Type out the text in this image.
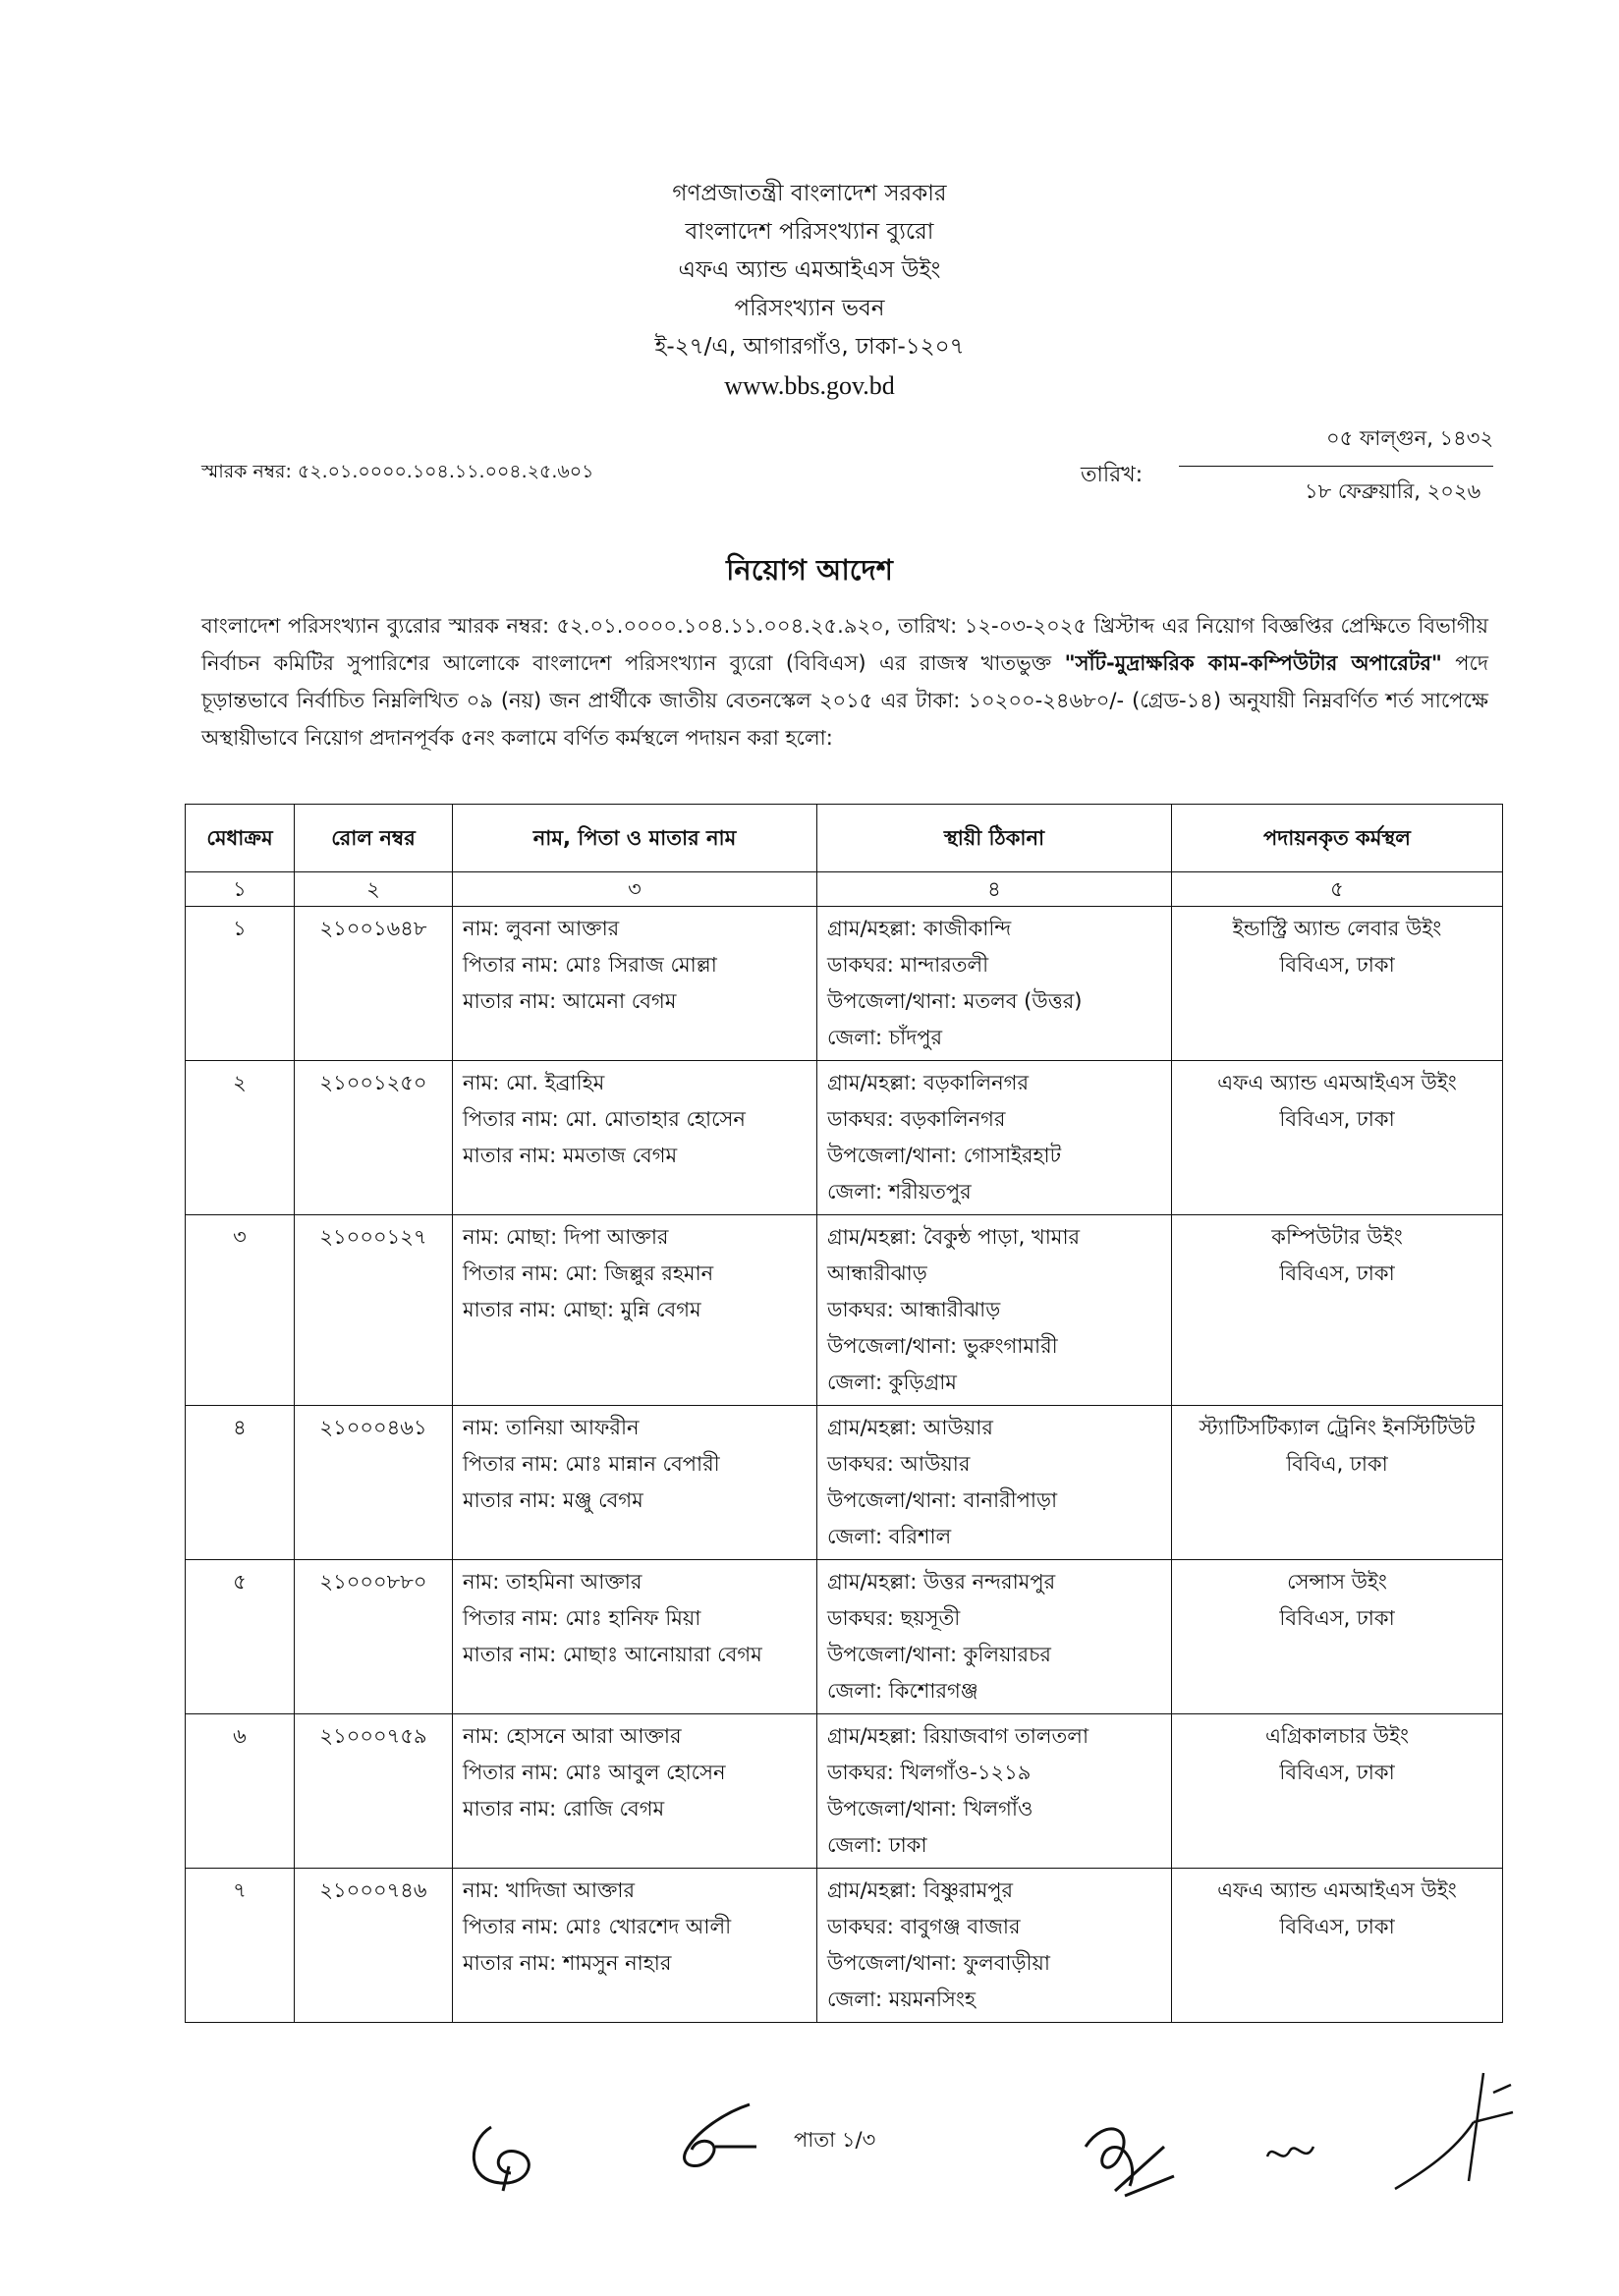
গণপ্রজাতন্ত্রী বাংলাদেশ সরকার
বাংলাদেশ পরিসংখ্যান ব্যুরো
এফএ অ্যান্ড এমআইএস উইং
পরিসংখ্যান ভবন
ই-২৭/এ, আগারগাঁও, ঢাকা-১২০৭
www.bbs.gov.bd
স্মারক নম্বর: ৫২.০১.০০০০.১০৪.১১.০০৪.২৫.৬০১
০৫ ফাল্গুন, ১৪৩২
তারিখ:
১৮ ফেব্রুয়ারি, ২০২৬
নিয়োগ আদেশ
বাংলাদেশ পরিসংখ্যান ব্যুরোর স্মারক নম্বর: ৫২.০১.০০০০.১০৪.১১.০০৪.২৫.৯২০, তারিখ: ১২-০৩-২০২৫ খ্রিস্টাব্দ এর নিয়োগ বিজ্ঞপ্তির প্রেক্ষিতে বিভাগীয় নির্বাচন কমিটির সুপারিশের আলোকে বাংলাদেশ পরিসংখ্যান ব্যুরো (বিবিএস) এর রাজস্ব খাতভুক্ত "সাঁট-মুদ্রাক্ষরিক কাম-কম্পিউটার অপারেটর" পদে চূড়ান্তভাবে নির্বাচিত নিম্নলিখিত ০৯ (নয়) জন প্রার্থীকে জাতীয় বেতনস্কেল ২০১৫ এর টাকা: ১০২০০-২৪৬৮০/- (গ্রেড-১৪) অনুযায়ী নিম্নবর্ণিত শর্ত সাপেক্ষে অস্থায়ীভাবে নিয়োগ প্রদানপূর্বক ৫নং কলামে বর্ণিত কর্মস্থলে পদায়ন করা হলো:
মেধাক্রম	রোল নম্বর	নাম, পিতা ও মাতার নাম	স্থায়ী ঠিকানা	পদায়নকৃত কর্মস্থল
১	২	৩	৪	৫
১	২১০০১৬৪৮	নাম: লুবনা আক্তার
পিতার নাম: মোঃ সিরাজ মোল্লা
মাতার নাম: আমেনা বেগম	গ্রাম/মহল্লা: কাজীকান্দি
ডাকঘর: মান্দারতলী
উপজেলা/থানা: মতলব (উত্তর)
জেলা: চাঁদপুর	ইন্ডাস্ট্রি অ্যান্ড লেবার উইং
বিবিএস, ঢাকা

২	২১০০১২৫০	নাম: মো. ইব্রাহিম
পিতার নাম: মো. মোতাহার হোসেন
মাতার নাম: মমতাজ বেগম	গ্রাম/মহল্লা: বড়কালিনগর
ডাকঘর: বড়কালিনগর
উপজেলা/থানা: গোসাইরহাট
জেলা: শরীয়তপুর	এফএ অ্যান্ড এমআইএস উইং
বিবিএস, ঢাকা

৩	২১০০০১২৭	নাম: মোছা: দিপা আক্তার
পিতার নাম: মো: জিল্লুর রহমান
মাতার নাম: মোছা: মুন্নি বেগম	গ্রাম/মহল্লা: বৈকুন্ঠ পাড়া, খামার আন্ধারীঝাড়
ডাকঘর: আন্ধারীঝাড়
উপজেলা/থানা: ভুরুংগামারী
জেলা: কুড়িগ্রাম	কম্পিউটার উইং
বিবিএস, ঢাকা

৪	২১০০০৪৬১	নাম: তানিয়া আফরীন
পিতার নাম: মোঃ মান্নান বেপারী
মাতার নাম: মঞ্জু বেগম	গ্রাম/মহল্লা: আউয়ার
ডাকঘর: আউয়ার
উপজেলা/থানা: বানারীপাড়া
জেলা: বরিশাল	স্ট্যাটিসটিক্যাল ট্রেনিং ইনস্টিটিউট
বিবিএ, ঢাকা

৫	২১০০০৮৮০	নাম: তাহমিনা আক্তার
পিতার নাম: মোঃ হানিফ মিয়া
মাতার নাম: মোছাঃ আনোয়ারা বেগম	গ্রাম/মহল্লা: উত্তর নন্দরামপুর
ডাকঘর: ছয়সূতী
উপজেলা/থানা: কুলিয়ারচর
জেলা: কিশোরগঞ্জ	সেন্সাস উইং
বিবিএস, ঢাকা

৬	২১০০০৭৫৯	নাম: হোসনে আরা আক্তার
পিতার নাম: মোঃ আবুল হোসেন
মাতার নাম: রোজি বেগম	গ্রাম/মহল্লা: রিয়াজবাগ তালতলা
ডাকঘর: খিলগাঁও-১২১৯
উপজেলা/থানা: খিলগাঁও
জেলা: ঢাকা	এগ্রিকালচার উইং
বিবিএস, ঢাকা

৭	২১০০০৭৪৬	নাম: খাদিজা আক্তার
পিতার নাম: মোঃ খোরশেদ আলী
মাতার নাম: শামসুন নাহার	গ্রাম/মহল্লা: বিষ্ণুরামপুর
ডাকঘর: বাবুগঞ্জ বাজার
উপজেলা/থানা: ফুলবাড়ীয়া
জেলা: ময়মনসিংহ	এফএ অ্যান্ড এমআইএস উইং
বিবিএস, ঢাকা
পাতা ১/৩
